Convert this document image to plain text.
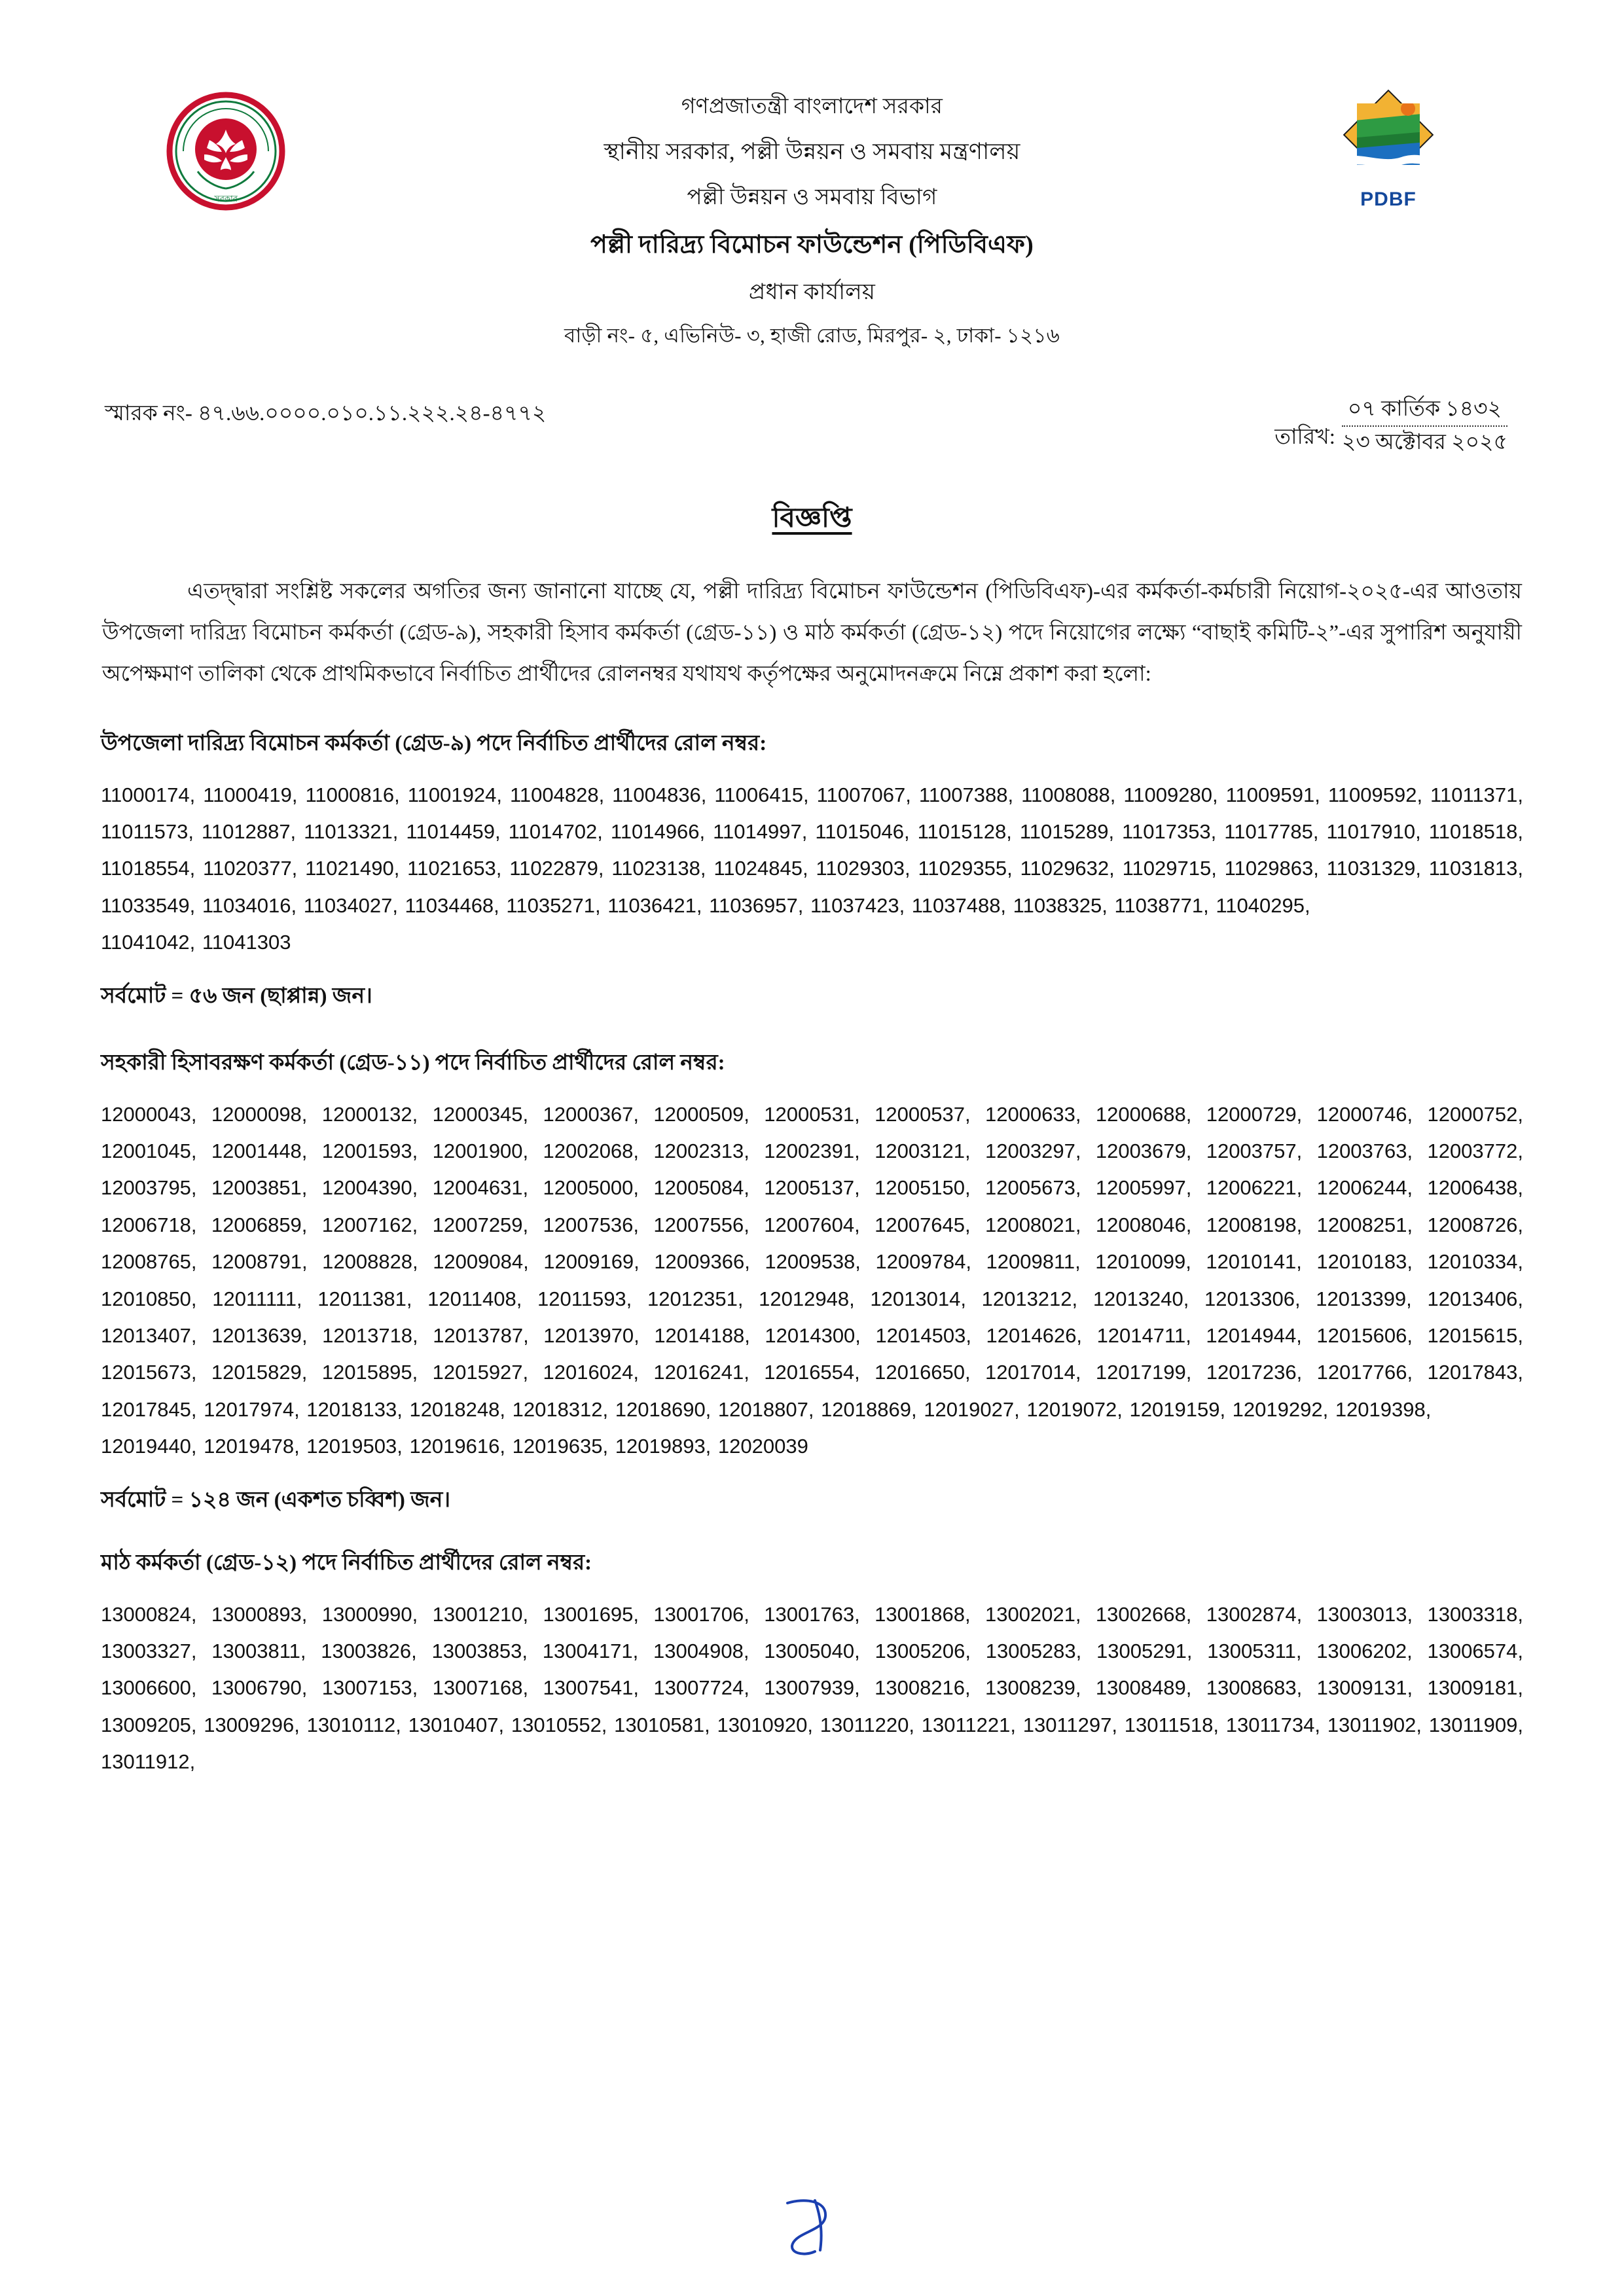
সরকার	PDBF
গণপ্রজাতন্ত্রী বাংলাদেশ সরকার
স্থানীয় সরকার, পল্লী উন্নয়ন ও সমবায় মন্ত্রণালয়
পল্লী উন্নয়ন ও সমবায় বিভাগ
পল্লী দারিদ্র্য বিমোচন ফাউন্ডেশন (পিডিবিএফ)
প্রধান কার্যালয়
বাড়ী নং- ৫, এভিনিউ- ৩, হাজী রোড, মিরপুর- ২, ঢাকা- ১২১৬
স্মারক নং- ৪৭.৬৬.০০০০.০১০.১১.২২২.২৪-৪৭৭২
তারিখ:
০৭ কার্তিক ১৪৩২
২৩ অক্টোবর ২০২৫
বিজ্ঞপ্তি
এতদ্দ্বারা সংশ্লিষ্ট সকলের অগতির জন্য জানানো যাচ্ছে যে, পল্লী দারিদ্র্য বিমোচন ফাউন্ডেশন (পিডিবিএফ)-এর কর্মকর্তা-কর্মচারী নিয়োগ-২০২৫-এর আওতায় উপজেলা দারিদ্র্য বিমোচন কর্মকর্তা (গ্রেড-৯), সহকারী হিসাব কর্মকর্তা (গ্রেড-১১) ও মাঠ কর্মকর্তা (গ্রেড-১২) পদে নিয়োগের লক্ষ্যে “বাছাই কমিটি-২”-এর সুপারিশ অনুযায়ী অপেক্ষমাণ তালিকা থেকে প্রাথমিকভাবে নির্বাচিত প্রার্থীদের রোলনম্বর যথাযথ কর্তৃপক্ষের অনুমোদনক্রমে নিম্নে প্রকাশ করা হলো:
উপজেলা দারিদ্র্য বিমোচন কর্মকর্তা (গ্রেড-৯) পদে নির্বাচিত প্রার্থীদের রোল নম্বর:
11000174, 11000419, 11000816, 11001924, 11004828, 11004836, 11006415, 11007067, 11007388, 11008088, 11009280, 11009591, 11009592, 11011371, 11011573, 11012887, 11013321, 11014459, 11014702, 11014966, 11014997, 11015046, 11015128, 11015289, 11017353, 11017785, 11017910, 11018518, 11018554, 11020377, 11021490, 11021653, 11022879, 11023138, 11024845, 11029303, 11029355, 11029632, 11029715, 11029863, 11031329, 11031813, 11033549, 11034016, 11034027, 11034468, 11035271, 11036421, 11036957, 11037423, 11037488, 11038325, 11038771, 11040295,
11041042, 11041303
সর্বমোট = ৫৬ জন (ছাপ্পান্ন) জন।
সহকারী হিসাবরক্ষণ কর্মকর্তা (গ্রেড-১১) পদে নির্বাচিত প্রার্থীদের রোল নম্বর:
12000043, 12000098, 12000132, 12000345, 12000367, 12000509, 12000531, 12000537, 12000633, 12000688, 12000729, 12000746, 12000752, 12001045, 12001448, 12001593, 12001900, 12002068, 12002313, 12002391, 12003121, 12003297, 12003679, 12003757, 12003763, 12003772, 12003795, 12003851, 12004390, 12004631, 12005000, 12005084, 12005137, 12005150, 12005673, 12005997, 12006221, 12006244, 12006438, 12006718, 12006859, 12007162, 12007259, 12007536, 12007556, 12007604, 12007645, 12008021, 12008046, 12008198, 12008251, 12008726, 12008765, 12008791, 12008828, 12009084, 12009169, 12009366, 12009538, 12009784, 12009811, 12010099, 12010141, 12010183, 12010334, 12010850, 12011111, 12011381, 12011408, 12011593, 12012351, 12012948, 12013014, 12013212, 12013240, 12013306, 12013399, 12013406, 12013407, 12013639, 12013718, 12013787, 12013970, 12014188, 12014300, 12014503, 12014626, 12014711, 12014944, 12015606, 12015615, 12015673, 12015829, 12015895, 12015927, 12016024, 12016241, 12016554, 12016650, 12017014, 12017199, 12017236, 12017766, 12017843, 12017845, 12017974, 12018133, 12018248, 12018312, 12018690, 12018807, 12018869, 12019027, 12019072, 12019159, 12019292, 12019398,
12019440, 12019478, 12019503, 12019616, 12019635, 12019893, 12020039
সর্বমোট = ১২৪ জন (একশত চব্বিশ) জন।
মাঠ কর্মকর্তা (গ্রেড-১২) পদে নির্বাচিত প্রার্থীদের রোল নম্বর:
13000824, 13000893, 13000990, 13001210, 13001695, 13001706, 13001763, 13001868, 13002021, 13002668, 13002874, 13003013, 13003318, 13003327, 13003811, 13003826, 13003853, 13004171, 13004908, 13005040, 13005206, 13005283, 13005291, 13005311, 13006202, 13006574, 13006600, 13006790, 13007153, 13007168, 13007541, 13007724, 13007939, 13008216, 13008239, 13008489, 13008683, 13009131, 13009181, 13009205, 13009296, 13010112, 13010407, 13010552, 13010581, 13010920, 13011220, 13011221, 13011297, 13011518, 13011734, 13011902, 13011909, 13011912,
